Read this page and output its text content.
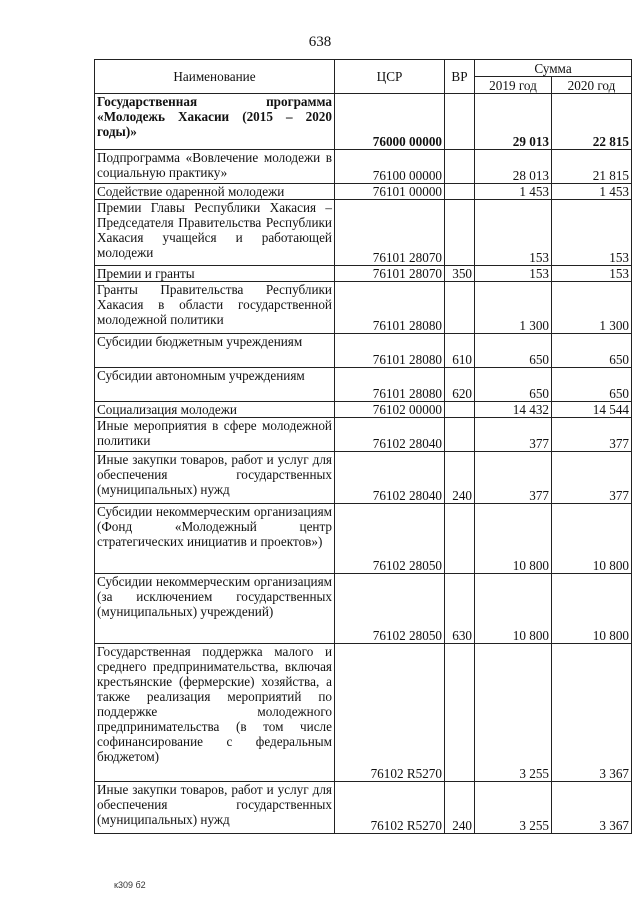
638
Наименование	ЦСР	ВР	Сумма	
			2019 год	2020 год
Государственная программа «Молодежь Хакасии (2015 – 2020 годы)»	76000 00000		29 013	22 815
Подпрограмма «Вовлечение молодежи в социальную практику»	76100 00000		28 013	21 815
Содействие одаренной молодежи	76101 00000		1 453	1 453
Премии Главы Республики Хакасия – Председателя Правительства Республики Хакасия учащейся и работающей молодежи	76101 28070		153	153
Премии и гранты	76101 28070	350	153	153
Гранты Правительства Республики Хакасия в области государственной молодежной политики	76101 28080		1 300	1 300
Субсидии бюджетным учреждениям	76101 28080	610	650	650
Субсидии автономным учреждениям	76101 28080	620	650	650
Социализация молодежи	76102 00000		14 432	14 544
Иные мероприятия в сфере молодежной политики	76102 28040		377	377
Иные закупки товаров, работ и услуг для обеспечения государственных (муниципальных) нужд	76102 28040	240	377	377
Субсидии некоммерческим организациям (Фонд «Молодежный центр стратегических инициатив и проектов»)	76102 28050		10 800	10 800
Субсидии некоммерческим организациям (за исключением государственных (муниципальных) учреждений)	76102 28050	630	10 800	10 800
Государственная поддержка малого и среднего предпринимательства, включая крестьянские (фермерские) хозяйства, а также реализация мероприятий по поддержке молодежного предпринимательства (в том числе софинансирование с федеральным бюджетом)	76102 R5270		3 255	3 367
Иные закупки товаров, работ и услуг для обеспечения государственных (муниципальных) нужд	76102 R5270	240	3 255	3 367
к309 б2
